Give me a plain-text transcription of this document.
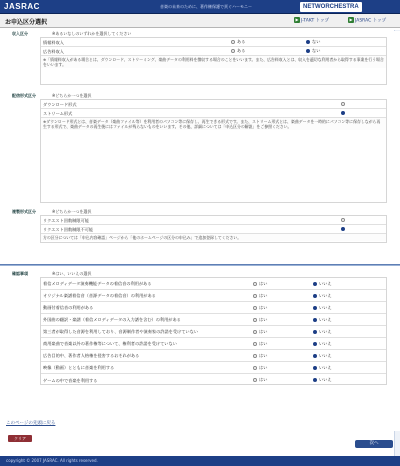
JASRAC	音楽の未来のために、著作権保護で貢ぐハーモニー	NETWORCHESTRA
お申込区分選択	▶ J-TAKT トップ	▶ JASRAC トップ
収入区分	※あるいなしのいずれかを選択してください
情報料収入	ある	ない
広告料収入	ある	ない
※「情報料収入がある場合とは、ダウンロード、ストリーミング、楽曲データの利用料を徴収する場合のことをいいます。また、広告料収入とは、収入を適切な利用者から取得する事業を行う場合をいいます。
配信形式区分	※どちらか一つを選択
ダウンロード形式
ストリーム形式
※ダウンロード形式とは、音楽データ（楽曲ファイル等）を利用者のパソコン等に保存し、再生できる形式です。また、ストリーム形式とは、楽曲データを一時的にパソコン等に保存しながら再生する形式で、楽曲データの再生後にはファイルが残らないものをいいます。その他、詳細については「申込区分の解説」をご参照ください。
複製形式区分	※どちらか一つを選択
リクエスト回数制限可能
リクエスト回数制限不可能
方の区分については「申込内容確認」ページから「他のホームページの区分の申込み」で追加登録してください。
確認事項	※はい、いいえの選択
着信メロディデータ演奏機能データの着信音の利用がある	はい	いいえ
オリジナル楽譜着信音（音源データの着信音）の利用がある	はい	いいえ
動画付着信音の利用がある	はい	いいえ
外国曲の翻訳・楽譜（着信メロディデータの入力譜を含む）の利用がある	はい	いいえ
第三者が取得した音源を利用しており、音源制作者や演奏家の許諾を受けていない	はい	いいえ
商用楽曲で音楽以外の著作権等について、権利者の許諾を受けていない	はい	いいえ
広告目的中、著作者人格権を侵害するおそれがある	はい	いいえ
映像（動画）とともに音楽を利用する	はい	いいえ
ゲームの中で音楽を利用する	はい	いいえ
クリア
このページの先頭に戻る
次へ
copyright © 2007 JASRAC. All rights reserved.
